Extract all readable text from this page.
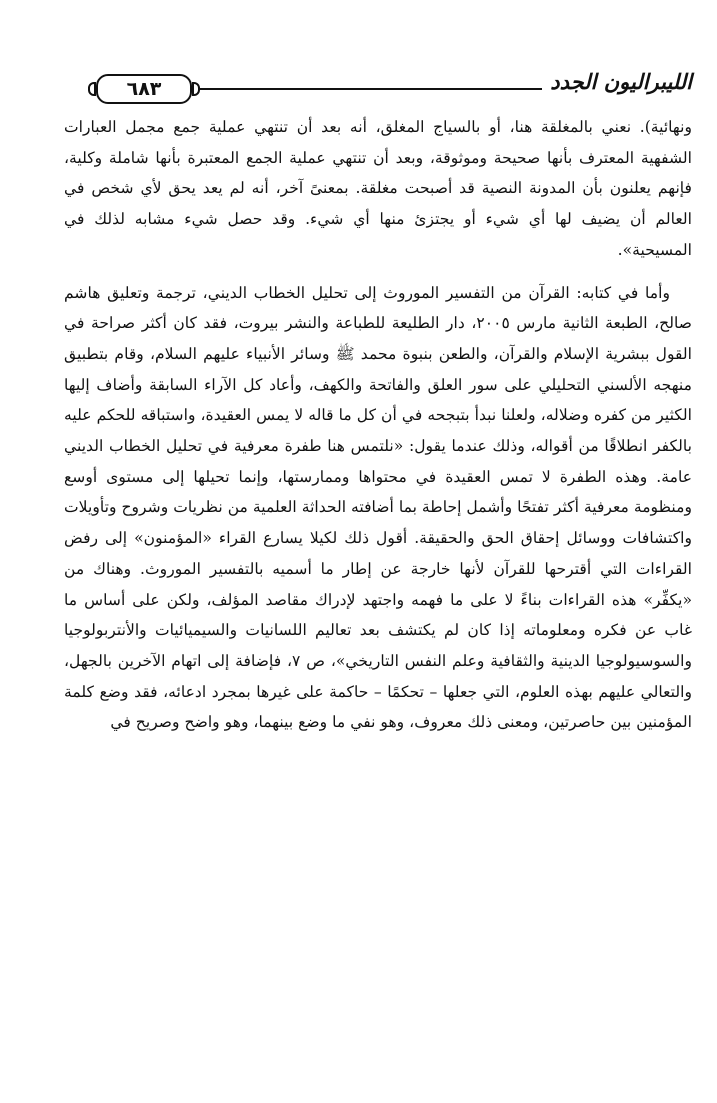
٦٨٣	الليبراليون الجدد

ونهائية). نعني بالمغلقة هنا، أو بالسياج المغلق، أنه بعد أن تنتهي عملية جمع مجمل العبارات الشفهية المعترف بأنها صحيحة وموثوقة، وبعد أن تنتهي عملية الجمع المعتبرة بأنها شاملة وكلية، فإنهم يعلنون بأن المدونة النصية قد أصبحت مغلقة. بمعنىً آخر، أنه لم يعد يحق لأي شخص في العالم أن يضيف لها أي شيء أو يجتزئ منها أي شيء. وقد حصل شيء مشابه لذلك في المسيحية».

وأما في كتابه: القرآن من التفسير الموروث إلى تحليل الخطاب الديني، ترجمة وتعليق هاشم صالح، الطبعة الثانية مارس ٢٠٠٥، دار الطليعة للطباعة والنشر بيروت، فقد كان أكثر صراحة في القول ببشرية الإسلام والقرآن، والطعن بنبوة محمد ﷺ وسائر الأنبياء عليهم السلام، وقام بتطبيق منهجه الألسني التحليلي على سور العلق والفاتحة والكهف، وأعاد كل الآراء السابقة وأضاف إليها الكثير من كفره وضلاله، ولعلنا نبدأ بتبجحه في أن كل ما قاله لا يمس العقيدة، واستباقه للحكم عليه بالكفر انطلاقًا من أقواله، وذلك عندما يقول: «نلتمس هنا طفرة معرفية في تحليل الخطاب الديني عامة. وهذه الطفرة لا تمس العقيدة في محتواها وممارستها، وإنما تحيلها إلى مستوى أوسع ومنظومة معرفية أكثر تفتحًا وأشمل إحاطة بما أضافته الحداثة العلمية من نظريات وشروح وتأويلات واكتشافات ووسائل إحقاق الحق والحقيقة. أقول ذلك لكيلا يسارع القراء «المؤمنون» إلى رفض القراءات التي أقترحها للقرآن لأنها خارجة عن إطار ما أسميه بالتفسير الموروث. وهناك من «يكفِّر» هذه القراءات بناءً لا على ما فهمه واجتهد لإدراك مقاصد المؤلف، ولكن على أساس ما غاب عن فكره ومعلوماته إذا كان لم يكتشف بعد تعاليم اللسانيات والسيميائيات والأنتربولوجيا والسوسيولوجيا الدينية والثقافية وعلم النفس التاريخي»، ص ٧، فإضافة إلى اتهام الآخرين بالجهل، والتعالي عليهم بهذه العلوم، التي جعلها – تحكمًا – حاكمة على غيرها بمجرد ادعائه، فقد وضع كلمة المؤمنين بين حاصرتين، ومعنى ذلك معروف، وهو نفي ما وضع بينهما، وهو واضح وصريح في
